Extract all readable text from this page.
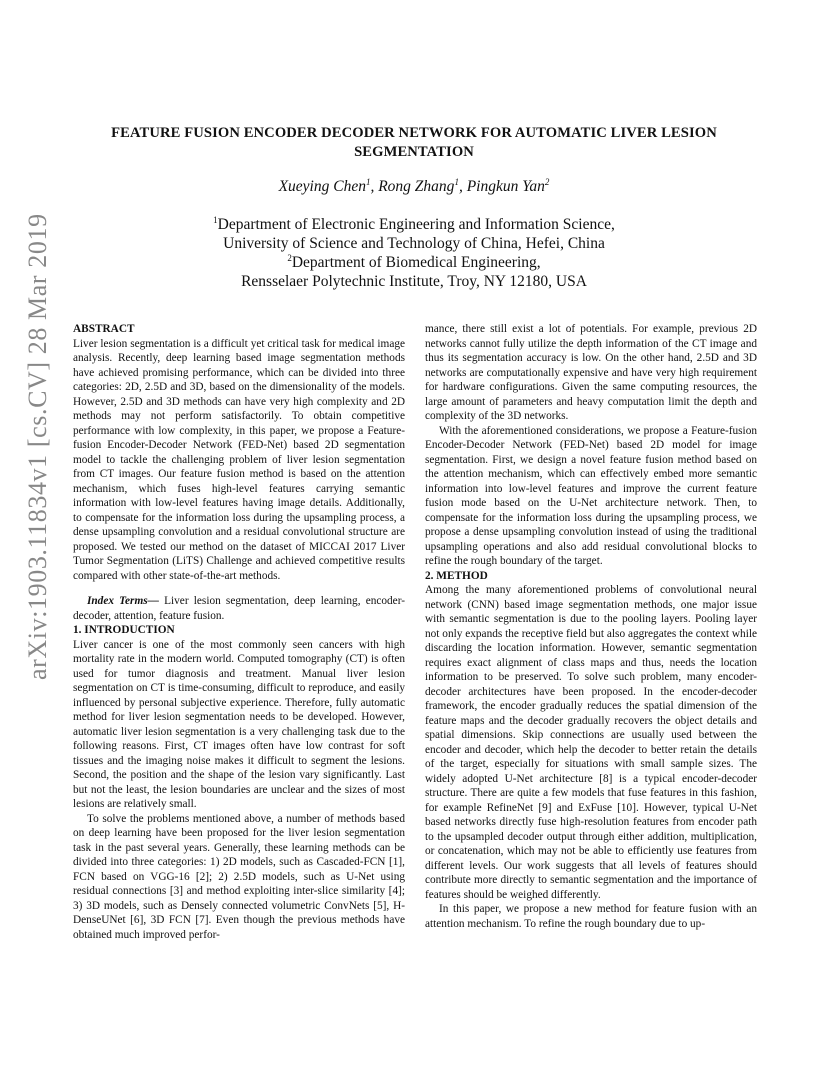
arXiv:1903.11834v1 [cs.CV] 28 Mar 2019
FEATURE FUSION ENCODER DECODER NETWORK FOR AUTOMATIC LIVER LESION SEGMENTATION
Xueying Chen$^1$, Rong Zhang$^1$, Pingkun Yan$^2$
$^1$Department of Electronic Engineering and Information Science,
University of Science and Technology of China, Hefei, China
$^2$Department of Biomedical Engineering,
Rensselaer Polytechnic Institute, Troy, NY 12180, USA

ABSTRACT

Liver lesion segmentation is a difficult yet critical task for medical image analysis. Recently, deep learning based image segmentation methods have achieved promising performance, which can be divided into three categories: 2D, 2.5D and 3D, based on the dimensionality of the models. However, 2.5D and 3D methods can have very high complexity and 2D methods may not perform satisfactorily. To obtain competitive performance with low complexity, in this paper, we propose a Feature-fusion Encoder-Decoder Network (FED-Net) based 2D segmentation model to tackle the challenging problem of liver lesion segmentation from CT images. Our feature fusion method is based on the attention mechanism, which fuses high-level features carrying semantic information with low-level features having image details. Additionally, to compensate for the information loss during the upsampling process, a dense upsampling convolution and a residual convolutional structure are proposed. We tested our method on the dataset of MICCAI 2017 Liver Tumor Segmentation (LiTS) Challenge and achieved competitive results compared with other state-of-the-art methods.

Index Terms— Liver lesion segmentation, deep learning, encoder-decoder, attention, feature fusion.

1. INTRODUCTION

Liver cancer is one of the most commonly seen cancers with high mortality rate in the modern world. Computed tomography (CT) is often used for tumor diagnosis and treatment. Manual liver lesion segmentation on CT is time-consuming, difficult to reproduce, and easily influenced by personal subjective experience. Therefore, fully automatic method for liver lesion segmentation needs to be developed. However, automatic liver lesion segmentation is a very challenging task due to the following reasons. First, CT images often have low contrast for soft tissues and the imaging noise makes it difficult to segment the lesions. Second, the position and the shape of the lesion vary significantly. Last but not the least, the lesion boundaries are unclear and the sizes of most lesions are relatively small.

To solve the problems mentioned above, a number of methods based on deep learning have been proposed for the liver lesion segmentation task in the past several years. Generally, these learning methods can be divided into three categories: 1) 2D models, such as Cascaded-FCN [1], FCN based on VGG-16 [2]; 2) 2.5D models, such as U-Net using residual connections [3] and method exploiting inter-slice similarity [4]; 3) 3D models, such as Densely connected volumetric ConvNets [5], H-DenseUNet [6], 3D FCN [7]. Even though the previous methods have obtained much improved perfor-

mance, there still exist a lot of potentials. For example, previous 2D networks cannot fully utilize the depth information of the CT image and thus its segmentation accuracy is low. On the other hand, 2.5D and 3D networks are computationally expensive and have very high requirement for hardware configurations. Given the same computing resources, the large amount of parameters and heavy computation limit the depth and complexity of the 3D networks.

With the aforementioned considerations, we propose a Feature-fusion Encoder-Decoder Network (FED-Net) based 2D model for image segmentation. First, we design a novel feature fusion method based on the attention mechanism, which can effectively embed more semantic information into low-level features and improve the current feature fusion mode based on the U-Net architecture network. Then, to compensate for the information loss during the upsampling process, we propose a dense upsampling convolution instead of using the traditional upsampling operations and also add residual convolutional blocks to refine the rough boundary of the target.

2. METHOD

Among the many aforementioned problems of convolutional neural network (CNN) based image segmentation methods, one major issue with semantic segmentation is due to the pooling layers. Pooling layer not only expands the receptive field but also aggregates the context while discarding the location information. However, semantic segmentation requires exact alignment of class maps and thus, needs the location information to be preserved. To solve such problem, many encoder-decoder architectures have been proposed. In the encoder-decoder framework, the encoder gradually reduces the spatial dimension of the feature maps and the decoder gradually recovers the object details and spatial dimensions. Skip connections are usually used between the encoder and decoder, which help the decoder to better retain the details of the target, especially for situations with small sample sizes. The widely adopted U-Net architecture [8] is a typical encoder-decoder structure. There are quite a few models that fuse features in this fashion, for example RefineNet [9] and ExFuse [10]. However, typical U-Net based networks directly fuse high-resolution features from encoder path to the upsampled decoder output through either addition, multiplication, or concatenation, which may not be able to efficiently use features from different levels. Our work suggests that all levels of features should contribute more directly to semantic segmentation and the importance of features should be weighed differently.

In this paper, we propose a new method for feature fusion with an attention mechanism. To refine the rough boundary due to up-
